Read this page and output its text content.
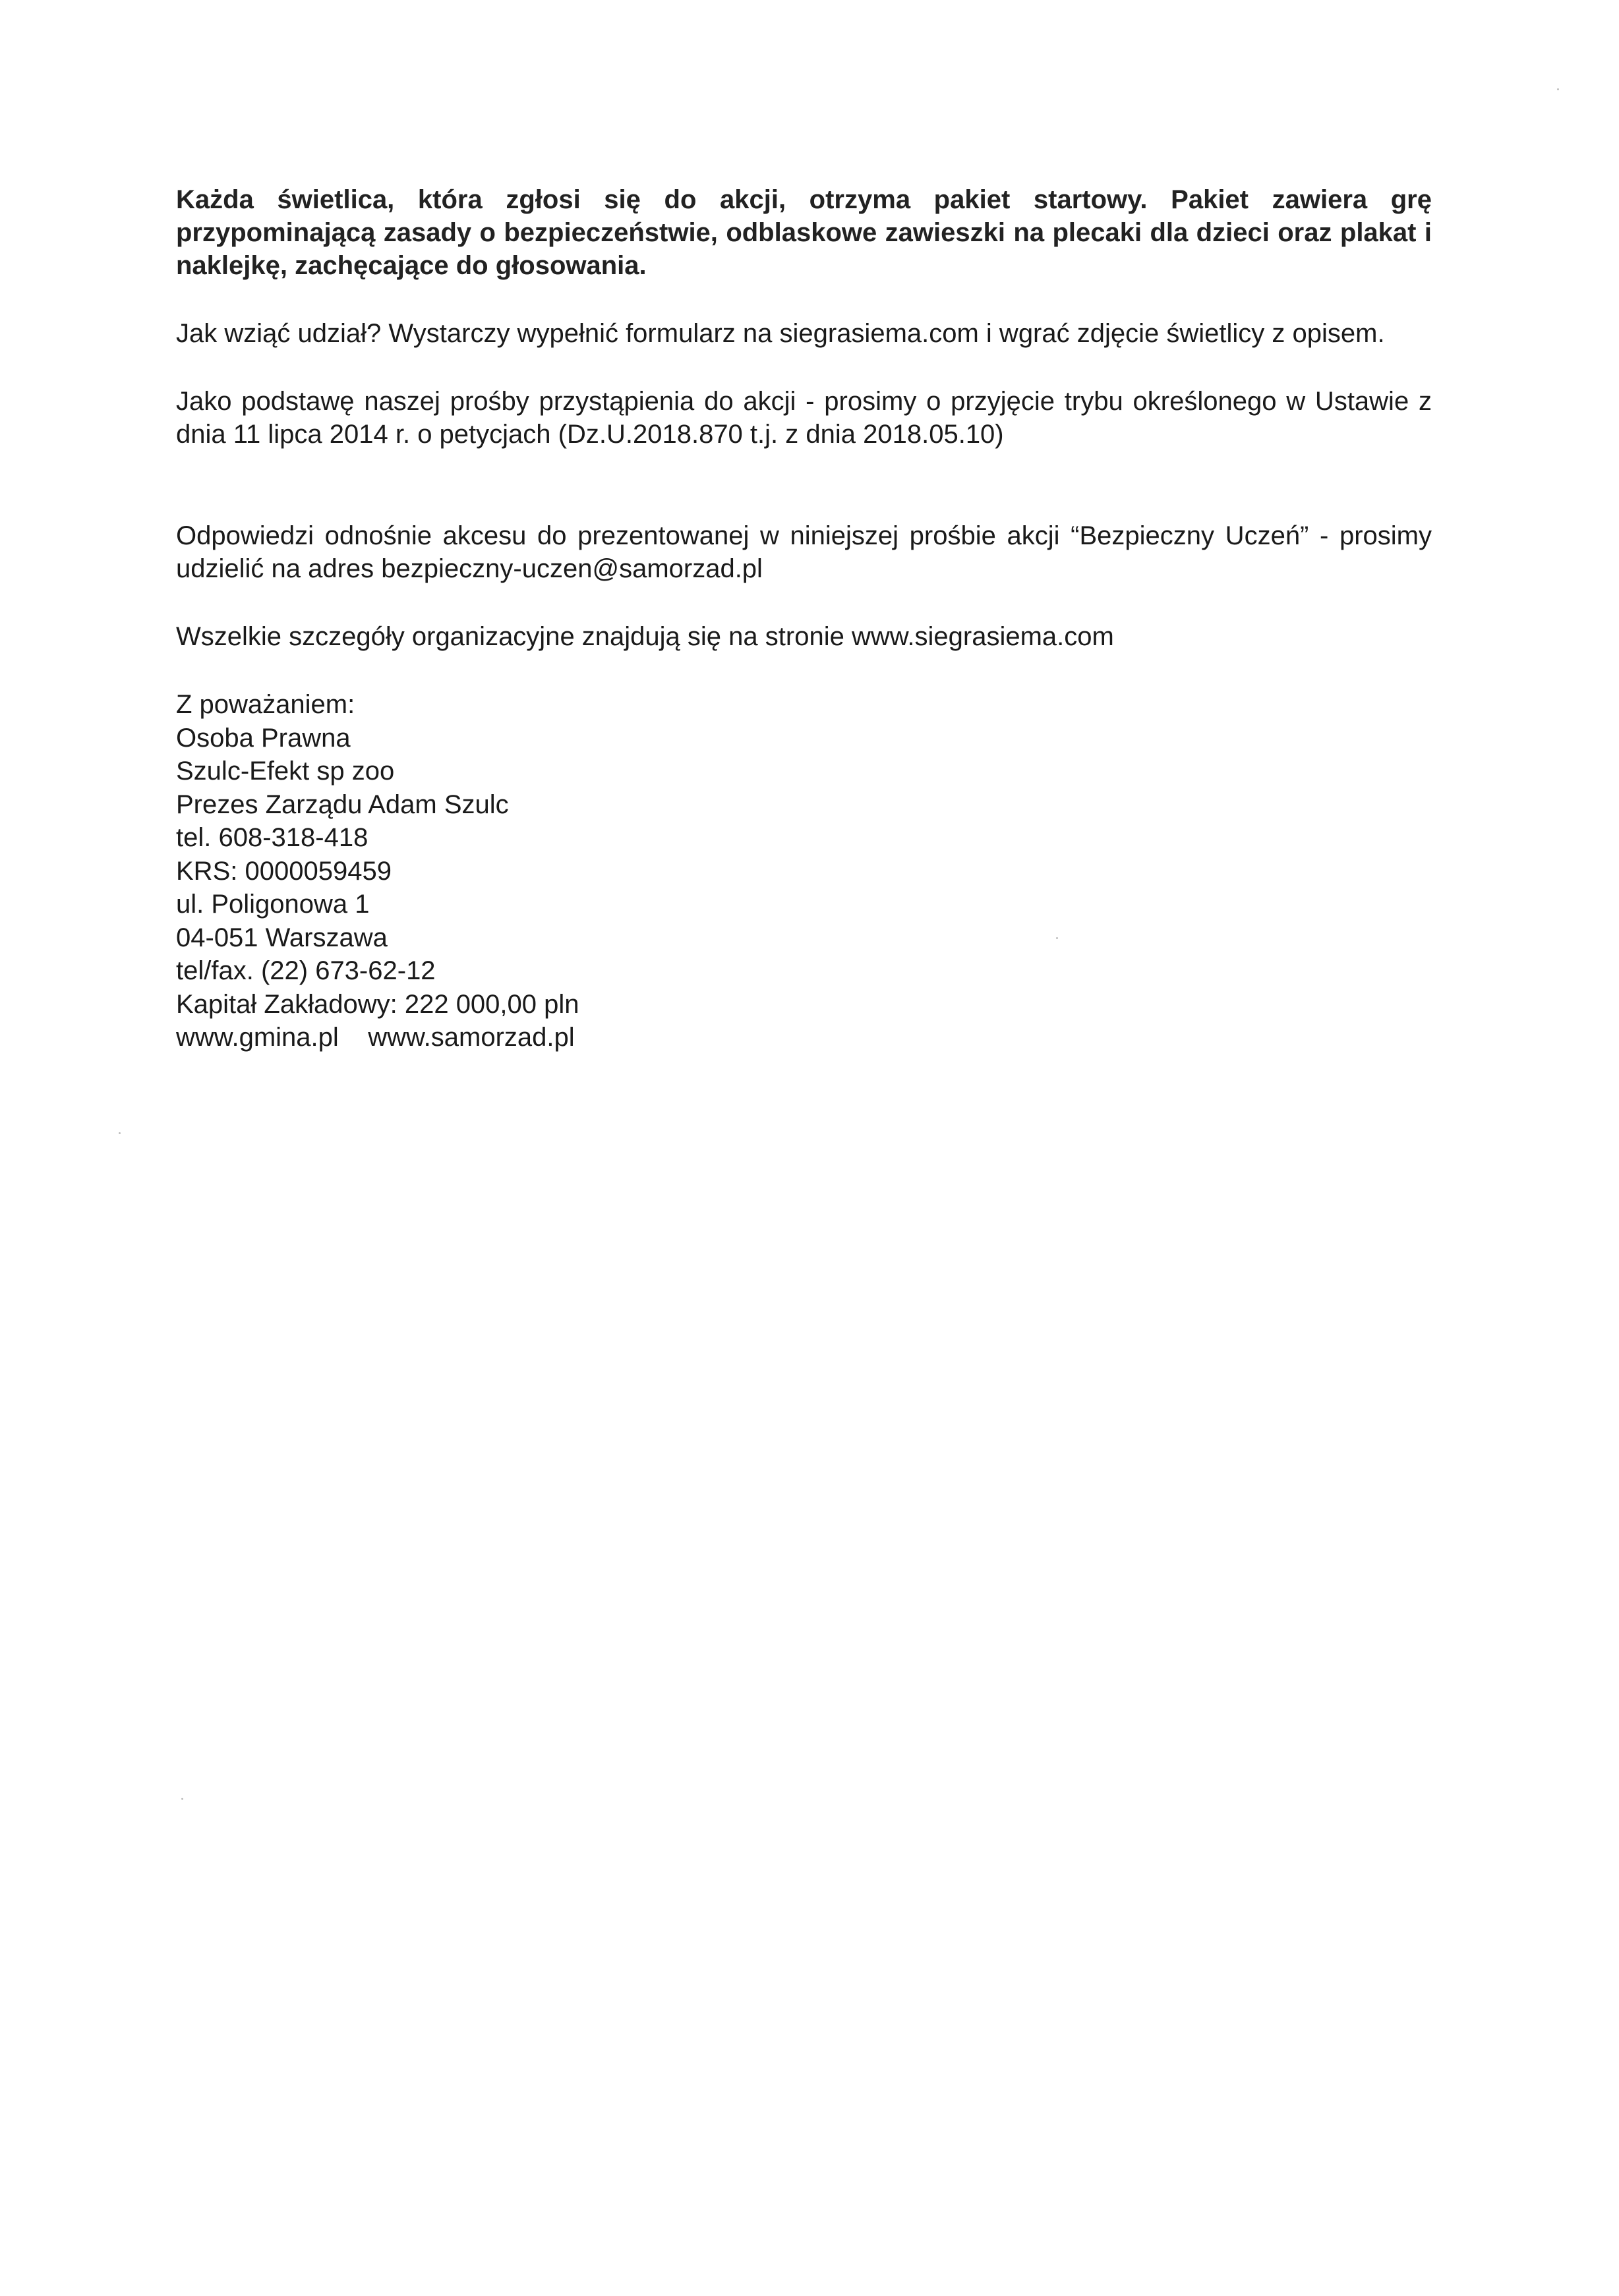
Każda świetlica, która zgłosi się do akcji, otrzyma pakiet startowy. Pakiet zawiera grę przypominającą zasady o bezpieczeństwie, odblaskowe zawieszki na plecaki dla dzieci oraz plakat i naklejkę, zachęcające do głosowania.

Jak wziąć udział? Wystarczy wypełnić formularz na siegrasiema.com i wgrać zdjęcie świetlicy z opisem.

Jako podstawę naszej prośby przystąpienia do akcji - prosimy o przyjęcie trybu określonego w Ustawie z dnia 11 lipca 2014 r. o petycjach (Dz.U.2018.870 t.j. z dnia 2018.05.10)

Odpowiedzi odnośnie akcesu do prezentowanej w niniejszej prośbie akcji “Bezpieczny Uczeń” - prosimy udzielić na adres bezpieczny-uczen@samorzad.pl

Wszelkie szczegóły organizacyjne znajdują się na stronie www.siegrasiema.com

Z poważaniem:
Osoba Prawna
Szulc-Efekt sp zoo
Prezes Zarządu Adam Szulc
tel. 608-318-418
KRS: 0000059459
ul. Poligonowa 1
04-051 Warszawa
tel/fax. (22) 673-62-12
Kapitał Zakładowy: 222 000,00 pln
www.gmina.pl    www.samorzad.pl
